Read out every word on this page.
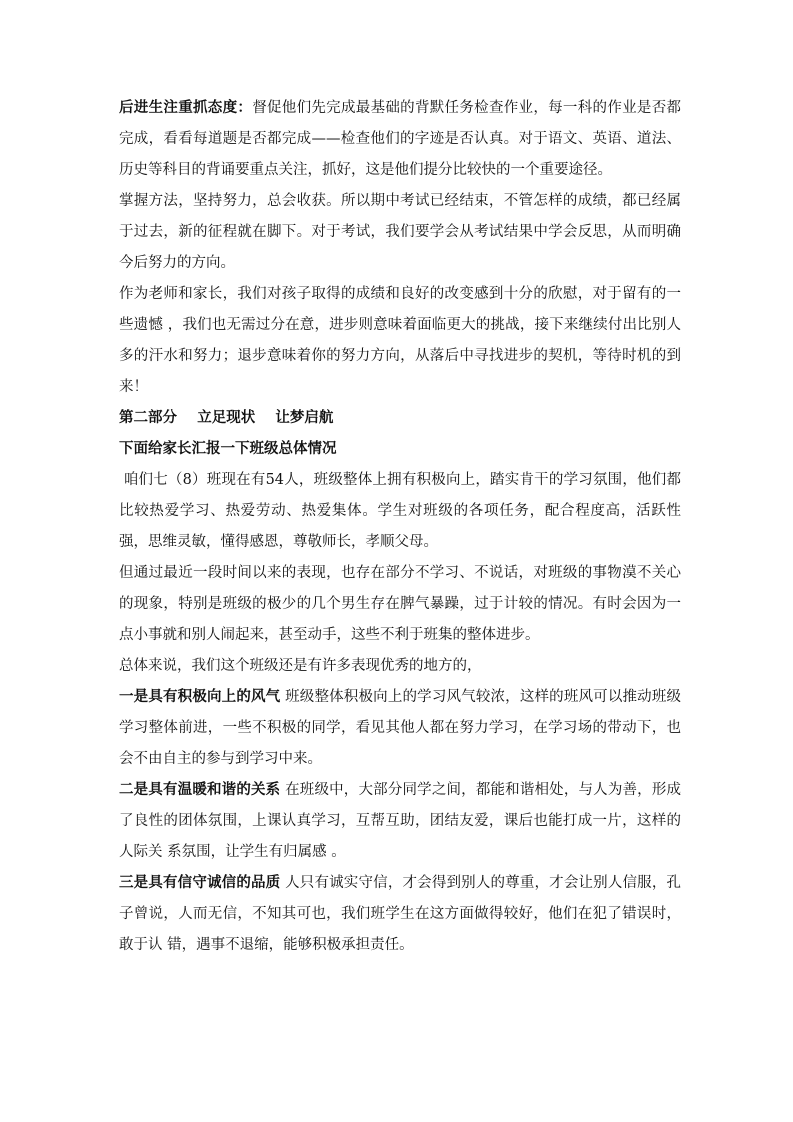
后进生注重抓态度：督促他们先完成最基础的背默任务检查作业，每一科的作业是否都完成，看看每道题是否都完成——检查他们的字迹是否认真。对于语文、英语、道法、历史等科目的背诵要重点关注，抓好，这是他们提分比较快的一个重要途径。

掌握方法，坚持努力，总会收获。所以期中考试已经结束，不管怎样的成绩，都已经属于过去，新的征程就在脚下。对于考试，我们要学会从考试结果中学会反思，从而明确今后努力的方向。

作为老师和家长，我们对孩子取得的成绩和良好的改变感到十分的欣慰，对于留有的一些遗憾 ，我们也无需过分在意，进步则意味着面临更大的挑战，接下来继续付出比别人多的汗水和努力；退步意味着你的努力方向，从落后中寻找进步的契机，等待时机的到来！

第二部分    立足现状    让梦启航

下面给家长汇报一下班级总体情况

咱们七（8）班现在有54人，班级整体上拥有积极向上，踏实肯干的学习氛围，他们都比较热爱学习、热爱劳动、热爱集体。学生对班级的各项任务，配合程度高，活跃性强，思维灵敏，懂得感恩，尊敬师长，孝顺父母。

但通过最近一段时间以来的表现，也存在部分不学习、不说话，对班级的事物漠不关心的现象，特别是班级的极少的几个男生存在脾气暴躁，过于计较的情况。有时会因为一点小事就和别人闹起来，甚至动手，这些不利于班集的整体进步。

总体来说，我们这个班级还是有许多表现优秀的地方的，

一是具有积极向上的风气 班级整体积极向上的学习风气较浓，这样的班风可以推动班级学习整体前进，一些不积极的同学，看见其他人都在努力学习，在学习场的带动下，也会不由自主的参与到学习中来。

二是具有温暖和谐的关系 在班级中，大部分同学之间，都能和谐相处，与人为善，形成了良性的团体氛围，上课认真学习，互帮互助，团结友爱，课后也能打成一片，这样的人际关 系氛围，让学生有归属感 。

三是具有信守诚信的品质 人只有诚实守信，才会得到别人的尊重，才会让别人信服，孔子曾说，人而无信，不知其可也，我们班学生在这方面做得较好，他们在犯了错误时，敢于认 错，遇事不退缩，能够积极承担责任。
